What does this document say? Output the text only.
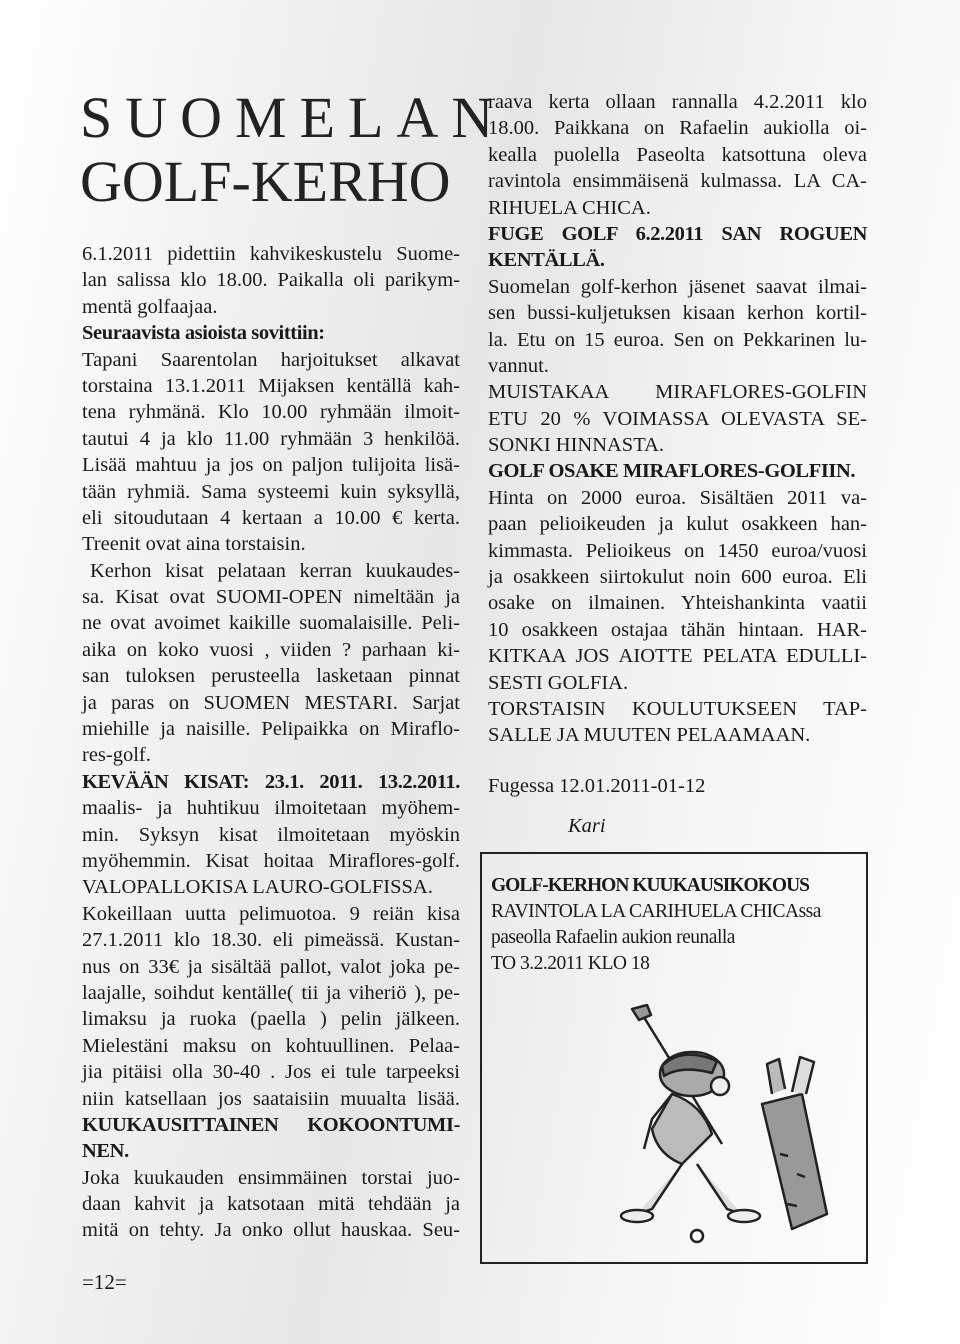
SUOMELAN
GOLF-KERHO
6.1.2011 pidettiin kahvikeskustelu Suome-
lan salissa klo 18.00. Paikalla oli parikym-
mentä golfaajaa.
Seuraavista asioista sovittiin:
Tapani Saarentolan harjoitukset alkavat
torstaina 13.1.2011 Mijaksen kentällä kah-
tena ryhmänä. Klo 10.00 ryhmään ilmoit-
tautui 4 ja klo 11.00 ryhmään 3 henkilöä.
Lisää mahtuu ja jos on paljon tulijoita lisä-
tään ryhmiä. Sama systeemi kuin syksyllä,
eli sitoudutaan 4 kertaan a 10.00 € kerta.
Treenit ovat aina torstaisin.
Kerhon kisat pelataan kerran kuukaudes-
sa. Kisat ovat SUOMI-OPEN nimeltään ja
ne ovat avoimet kaikille suomalaisille. Peli-
aika on koko vuosi , viiden ? parhaan ki-
san tuloksen perusteella lasketaan pinnat
ja paras on SUOMEN MESTARI. Sarjat
miehille ja naisille. Pelipaikka on Miraflo-
res-golf.
KEVÄÄN KISAT: 23.1. 2011. 13.2.2011.
maalis- ja huhtikuu ilmoitetaan myöhem-
min. Syksyn kisat ilmoitetaan myöskin
myöhemmin. Kisat hoitaa Miraflores-golf.
VALOPALLOKISA LAURO-GOLFISSA.
Kokeillaan uutta pelimuotoa. 9 reiän kisa
27.1.2011 klo 18.30. eli pimeässä. Kustan-
nus on 33€ ja sisältää pallot, valot joka pe-
laajalle, soihdut kentälle( tii ja viheriö ), pe-
limaksu ja ruoka (paella ) pelin jälkeen.
Mielestäni maksu on kohtuullinen. Pelaa-
jia pitäisi olla 30-40 . Jos ei tule tarpeeksi
niin katsellaan jos saataisiin muualta lisää.
KUUKAUSITTAINEN KOKOONTUMI-
NEN.
Joka kuukauden ensimmäinen torstai juo-
daan kahvit ja katsotaan mitä tehdään ja
mitä on tehty. Ja onko ollut hauskaa. Seu-
raava kerta ollaan rannalla 4.2.2011 klo
18.00. Paikkana on Rafaelin aukiolla oi-
kealla puolella Paseolta katsottuna oleva
ravintola ensimmäisenä kulmassa. LA CA-
RIHUELA CHICA.
FUGE GOLF 6.2.2011 SAN ROGUEN
KENTÄLLÄ.
Suomelan golf-kerhon jäsenet saavat ilmai-
sen bussi-kuljetuksen kisaan kerhon kortil-
la. Etu on 15 euroa. Sen on Pekkarinen lu-
vannut.
MUISTAKAA MIRAFLORES-GOLFIN
ETU 20 % VOIMASSA OLEVASTA SE-
SONKI HINNASTA.
GOLF OSAKE MIRAFLORES-GOLFIIN.
Hinta on 2000 euroa. Sisältäen 2011 va-
paan pelioikeuden ja kulut osakkeen han-
kimmasta. Pelioikeus on 1450 euroa/vuosi
ja osakkeen siirtokulut noin 600 euroa. Eli
osake on ilmainen. Yhteishankinta vaatii
10 osakkeen ostajaa tähän hintaan. HAR-
KITKAA JOS AIOTTE PELATA EDULLI-
SESTI GOLFIA.
TORSTAISIN KOULUTUKSEEN TAP-
SALLE JA MUUTEN PELAAMAAN.
Fugessa 12.01.2011-01-12
Kari
GOLF-KERHON KUUKAUSIKOKOUS
RAVINTOLA LA CARIHUELA CHICAssa
paseolla Rafaelin aukion reunalla
TO 3.2.2011 KLO 18
=12=
